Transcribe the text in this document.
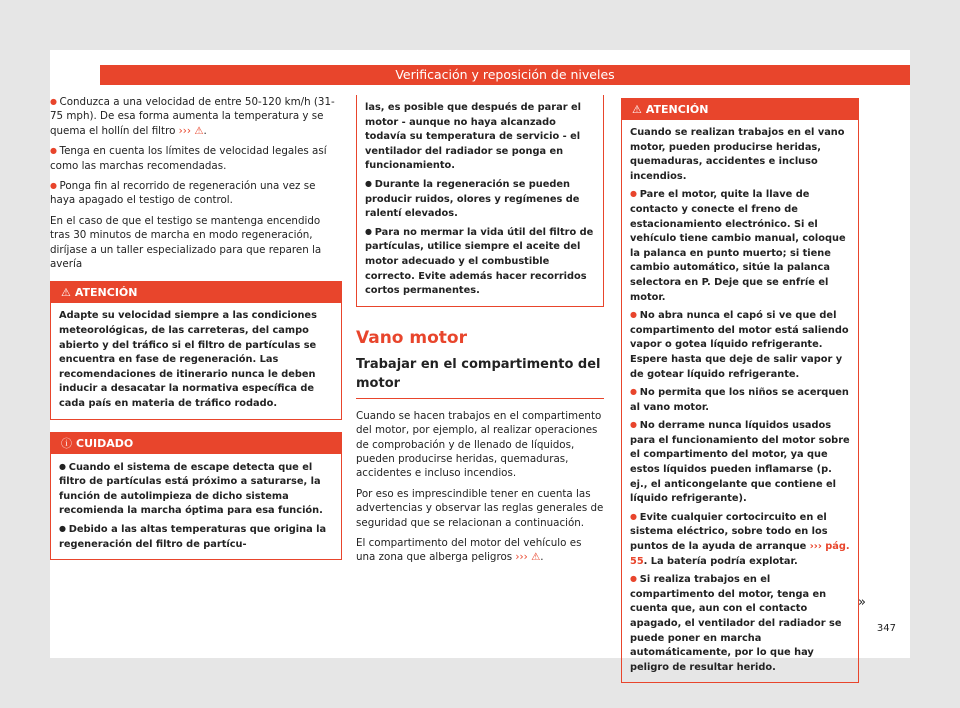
Verificación y reposición de niveles

● Conduzca a una velocidad de entre 50-120 km/h (31-75 mph). De esa forma aumenta la temperatura y se quema el hollín del filtro ››› ⚠.

● Tenga en cuenta los límites de velocidad legales así como las marchas recomendadas.

● Ponga fin al recorrido de regeneración una vez se haya apagado el testigo de control.

En el caso de que el testigo se mantenga encendido tras 30 minutos de marcha en modo regeneración, diríjase a un taller especializado para que reparen la avería

⚠ ATENCIÓN

Adapte su velocidad siempre a las condiciones meteorológicas, de las carreteras, del campo abierto y del tráfico si el filtro de partículas se encuentra en fase de regeneración. Las recomendaciones de itinerario nunca le deben inducir a desacatar la normativa específica de cada país en materia de tráfico rodado.

ⓘ CUIDADO

● Cuando el sistema de escape detecta que el filtro de partículas está próximo a saturarse, la función de autolimpieza de dicho sistema recomienda la marcha óptima para esa función.

● Debido a las altas temperaturas que origina la regeneración del filtro de partícu-

las, es posible que después de parar el motor - aunque no haya alcanzado todavía su temperatura de servicio - el ventilador del radiador se ponga en funcionamiento.

● Durante la regeneración se pueden producir ruidos, olores y regímenes de ralentí elevados.

● Para no mermar la vida útil del filtro de partículas, utilice siempre el aceite del motor adecuado y el combustible correcto. Evite además hacer recorridos cortos permanentes.

Vano motor
Trabajar en el compartimento del motor

Cuando se hacen trabajos en el compartimento del motor, por ejemplo, al realizar operaciones de comprobación y de llenado de líquidos, pueden producirse heridas, quemaduras, accidentes e incluso incendios.

Por eso es imprescindible tener en cuenta las advertencias y observar las reglas generales de seguridad que se relacionan a continuación.

El compartimento del motor del vehículo es una zona que alberga peligros ››› ⚠.

⚠ ATENCIÓN

Cuando se realizan trabajos en el vano motor, pueden producirse heridas, quemaduras, accidentes e incluso incendios.

● Pare el motor, quite la llave de contacto y conecte el freno de estacionamiento electrónico. Si el vehículo tiene cambio manual, coloque la palanca en punto muerto; si tiene cambio automático, sitúe la palanca selectora en P. Deje que se enfríe el motor.

● No abra nunca el capó si ve que del compartimento del motor está saliendo vapor o gotea líquido refrigerante. Espere hasta que deje de salir vapor y de gotear líquido refrigerante.

● No permita que los niños se acerquen al vano motor.

● No derrame nunca líquidos usados para el funcionamiento del motor sobre el compartimento del motor, ya que estos líquidos pueden inflamarse (p. ej., el anticongelante que contiene el líquido refrigerante).

● Evite cualquier cortocircuito en el sistema eléctrico, sobre todo en los puntos de la ayuda de arranque ››› pág. 55. La batería podría explotar.

● Si realiza trabajos en el compartimento del motor, tenga en cuenta que, aun con el contacto apagado, el ventilador del radiador se puede poner en marcha automáticamente, por lo que hay peligro de resultar herido.

»
347
